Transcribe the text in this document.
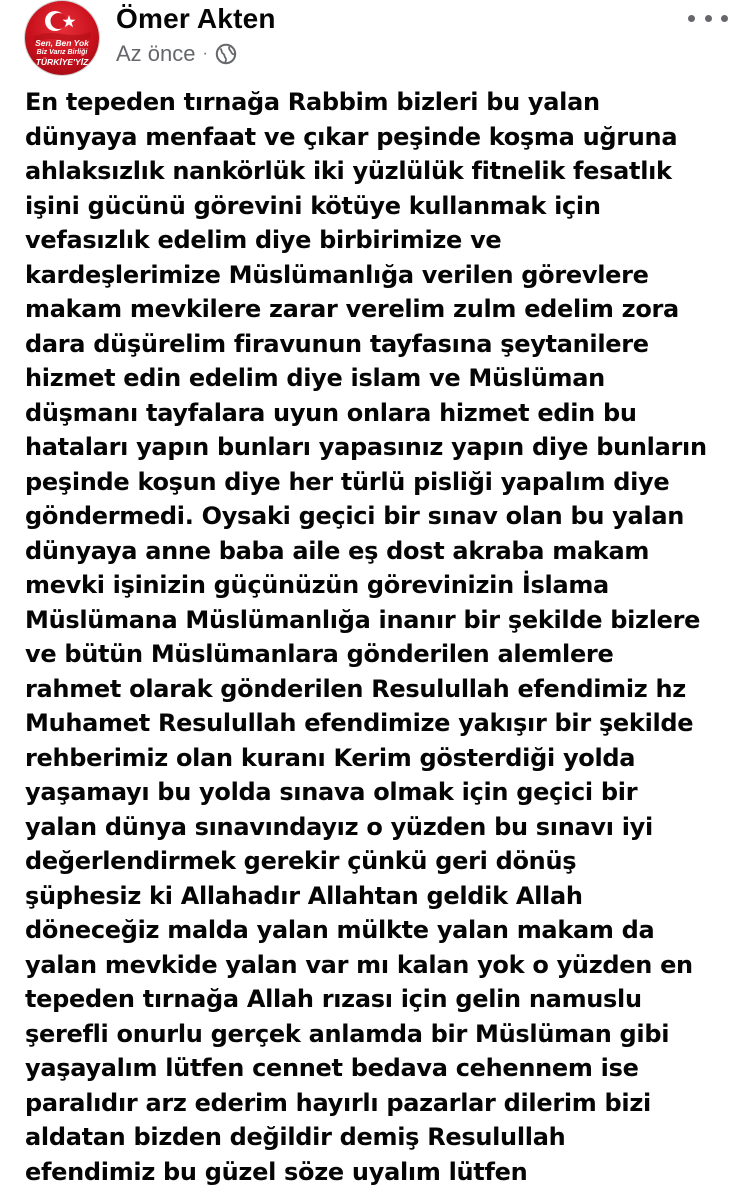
Sen, Ben Yok
Biz Varız Birliği
TÜRKİYE'YİZ
Ömer Akten
Az önce ·

En tepeden tırnağa Rabbim bizleri bu yalan
dünyaya menfaat ve çıkar peşinde koşma uğruna
ahlaksızlık nankörlük iki yüzlülük fitnelik fesatlık
işini gücünü görevini kötüye kullanmak için
vefasızlık edelim diye birbirimize ve
kardeşlerimize Müslümanlığa verilen görevlere
makam mevkilere zarar verelim zulm edelim zora
dara düşürelim firavunun tayfasına şeytanilere
hizmet edin edelim diye islam ve Müslüman
düşmanı tayfalara uyun onlara hizmet edin bu
hataları yapın bunları yapasınız yapın diye bunların
peşinde koşun diye her türlü pisliği yapalım diye
göndermedi. Oysaki geçici bir sınav olan bu yalan
dünyaya anne baba aile eş dost akraba makam
mevki işinizin güçünüzün görevinizin İslama
Müslümana Müslümanlığa inanır bir şekilde bizlere
ve bütün Müslümanlara gönderilen alemlere
rahmet olarak gönderilen Resulullah efendimiz hz
Muhamet Resulullah efendimize yakışır bir şekilde
rehberimiz olan kuranı Kerim gösterdiği yolda
yaşamayı bu yolda sınava olmak için geçici bir
yalan dünya sınavındayız o yüzden bu sınavı iyi
değerlendirmek gerekir çünkü geri dönüş
şüphesiz ki Allahadır Allahtan geldik Allah
döneceğiz malda yalan mülkte yalan makam da
yalan mevkide yalan var mı kalan yok o yüzden en
tepeden tırnağa Allah rızası için gelin namuslu
şerefli onurlu gerçek anlamda bir Müslüman gibi
yaşayalım lütfen cennet bedava cehennem ise
paralıdır arz ederim hayırlı pazarlar dilerim bizi
aldatan bizden değildir demiş Resulullah
efendimiz bu güzel söze uyalım lütfen
